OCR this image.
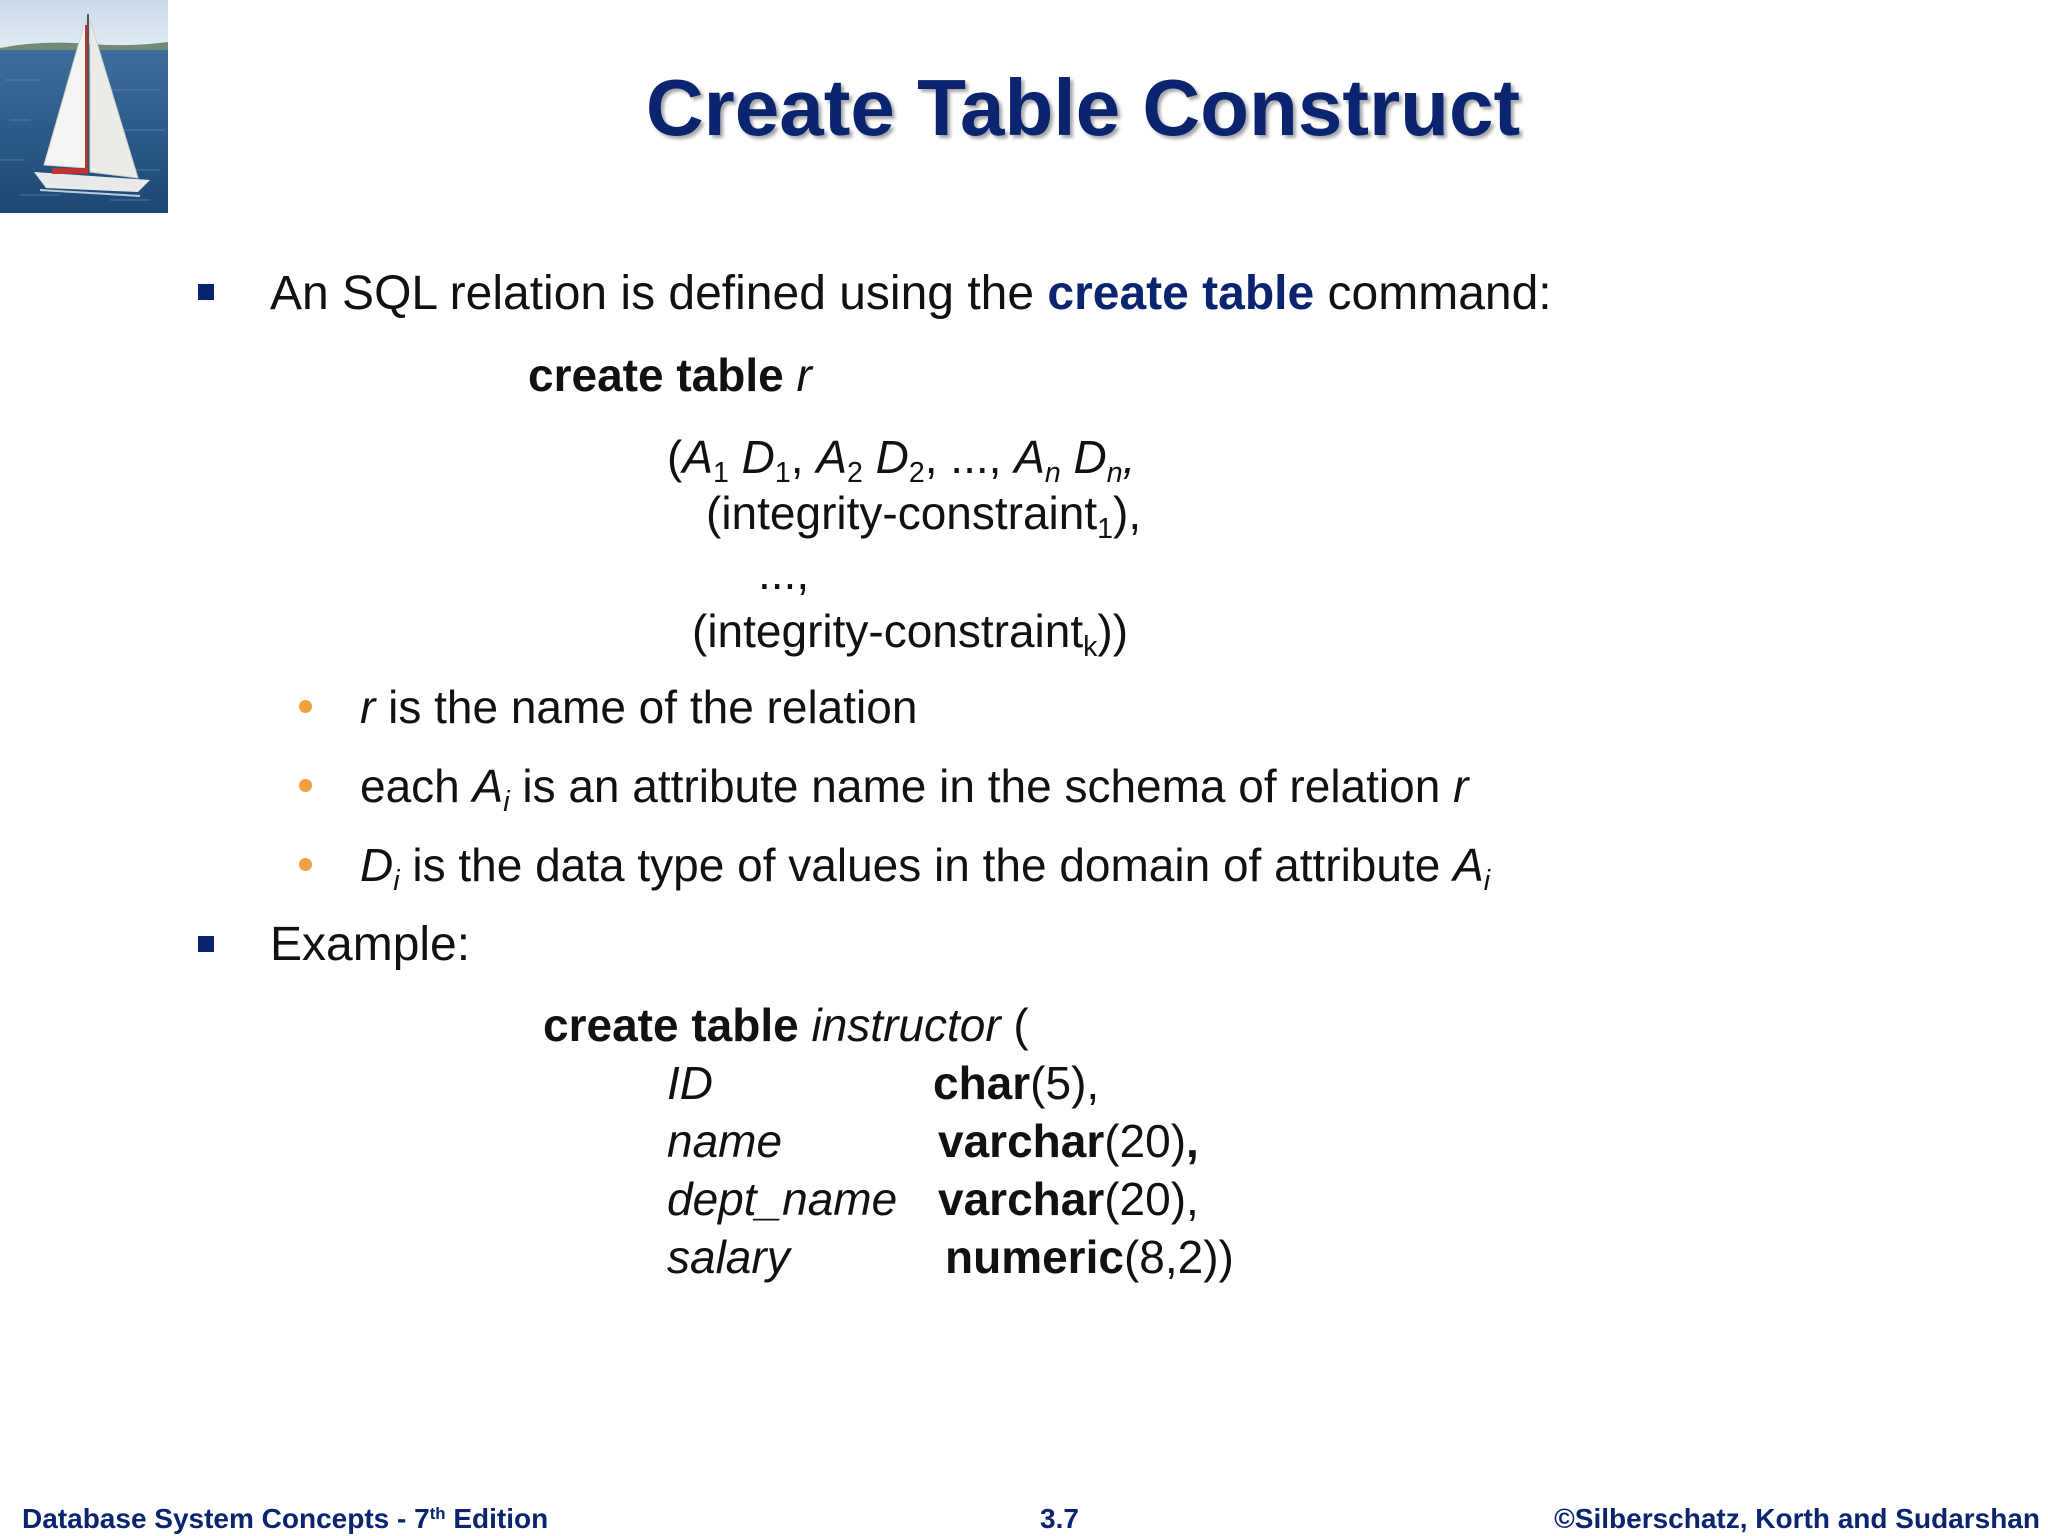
Create Table Construct
An SQL relation is defined using the create table command:
create table r
($A_1$ $D_1$, $A_2$ $D_2$, ..., $A_n$ $D_n$,
(integrity-constraint$_1$),
...,
(integrity-constraint$_k$))
r is the name of the relation
each $A_i$ is an attribute name in the schema of relation r
$D_i$ is the data type of values in the domain of attribute $A_i$
Example:
create table instructor (
ID	char(5),
name	varchar(20),
dept_name varchar(20),
salary	numeric(8,2))
Database System Concepts - 7th Edition	3.7	©Silberschatz, Korth and Sudarshan
